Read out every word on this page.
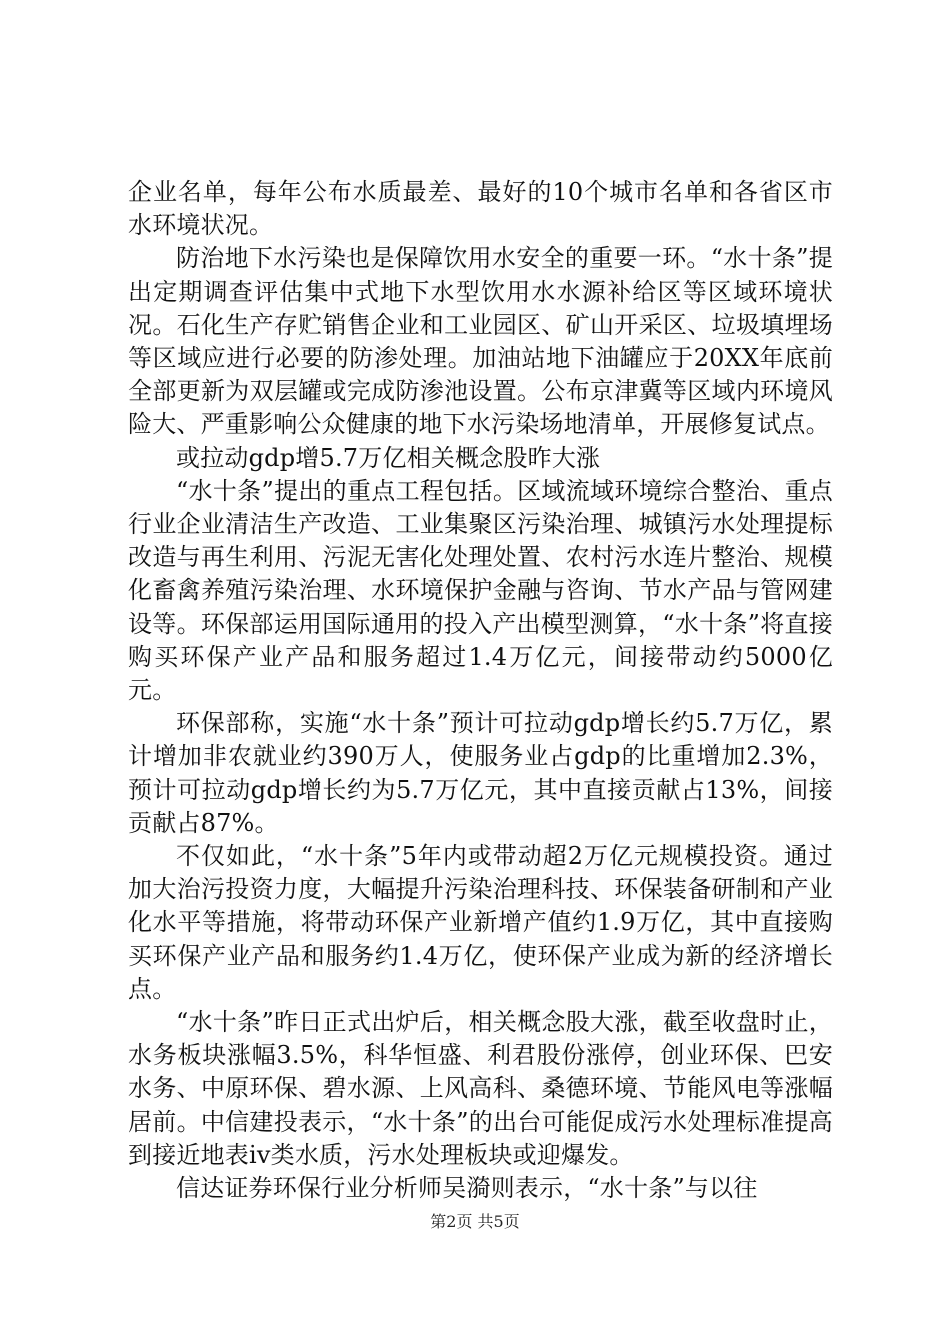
企业名单，每年公布水质最差、最好的10个城市名单和各省区市水环境状况。

防治地下水污染也是保障饮用水安全的重要一环。“水十条”提出定期调查评估集中式地下水型饮用水水源补给区等区域环境状况。石化生产存贮销售企业和工业园区、矿山开采区、垃圾填埋场等区域应进行必要的防渗处理。加油站地下油罐应于20XX年底前全部更新为双层罐或完成防渗池设置。公布京津冀等区域内环境风险大、严重影响公众健康的地下水污染场地清单，开展修复试点。

或拉动gdp增5.7万亿相关概念股昨大涨

“水十条”提出的重点工程包括。区域流域环境综合整治、重点行业企业清洁生产改造、工业集聚区污染治理、城镇污水处理提标改造与再生利用、污泥无害化处理处置、农村污水连片整治、规模化畜禽养殖污染治理、水环境保护金融与咨询、节水产品与管网建设等。环保部运用国际通用的投入产出模型测算，“水十条”将直接购买环保产业产品和服务超过1.4万亿元，间接带动约5000亿元。

环保部称，实施“水十条”预计可拉动gdp增长约5.7万亿，累计增加非农就业约390万人，使服务业占gdp的比重增加2.3%，预计可拉动gdp增长约为5.7万亿元，其中直接贡献占13%，间接贡献占87%。

不仅如此，“水十条”5年内或带动超2万亿元规模投资。通过加大治污投资力度，大幅提升污染治理科技、环保装备研制和产业化水平等措施，将带动环保产业新增产值约1.9万亿，其中直接购买环保产业产品和服务约1.4万亿，使环保产业成为新的经济增长点。

“水十条”昨日正式出炉后，相关概念股大涨，截至收盘时止，水务板块涨幅3.5%，科华恒盛、利君股份涨停，创业环保、巴安水务、中原环保、碧水源、上风高科、桑德环境、节能风电等涨幅居前。中信建投表示，“水十条”的出台可能促成污水处理标准提高到接近地表iv类水质，污水处理板块或迎爆发。

信达证券环保行业分析师吴漪则表示，“水十条”与以往

第2页 共5页
